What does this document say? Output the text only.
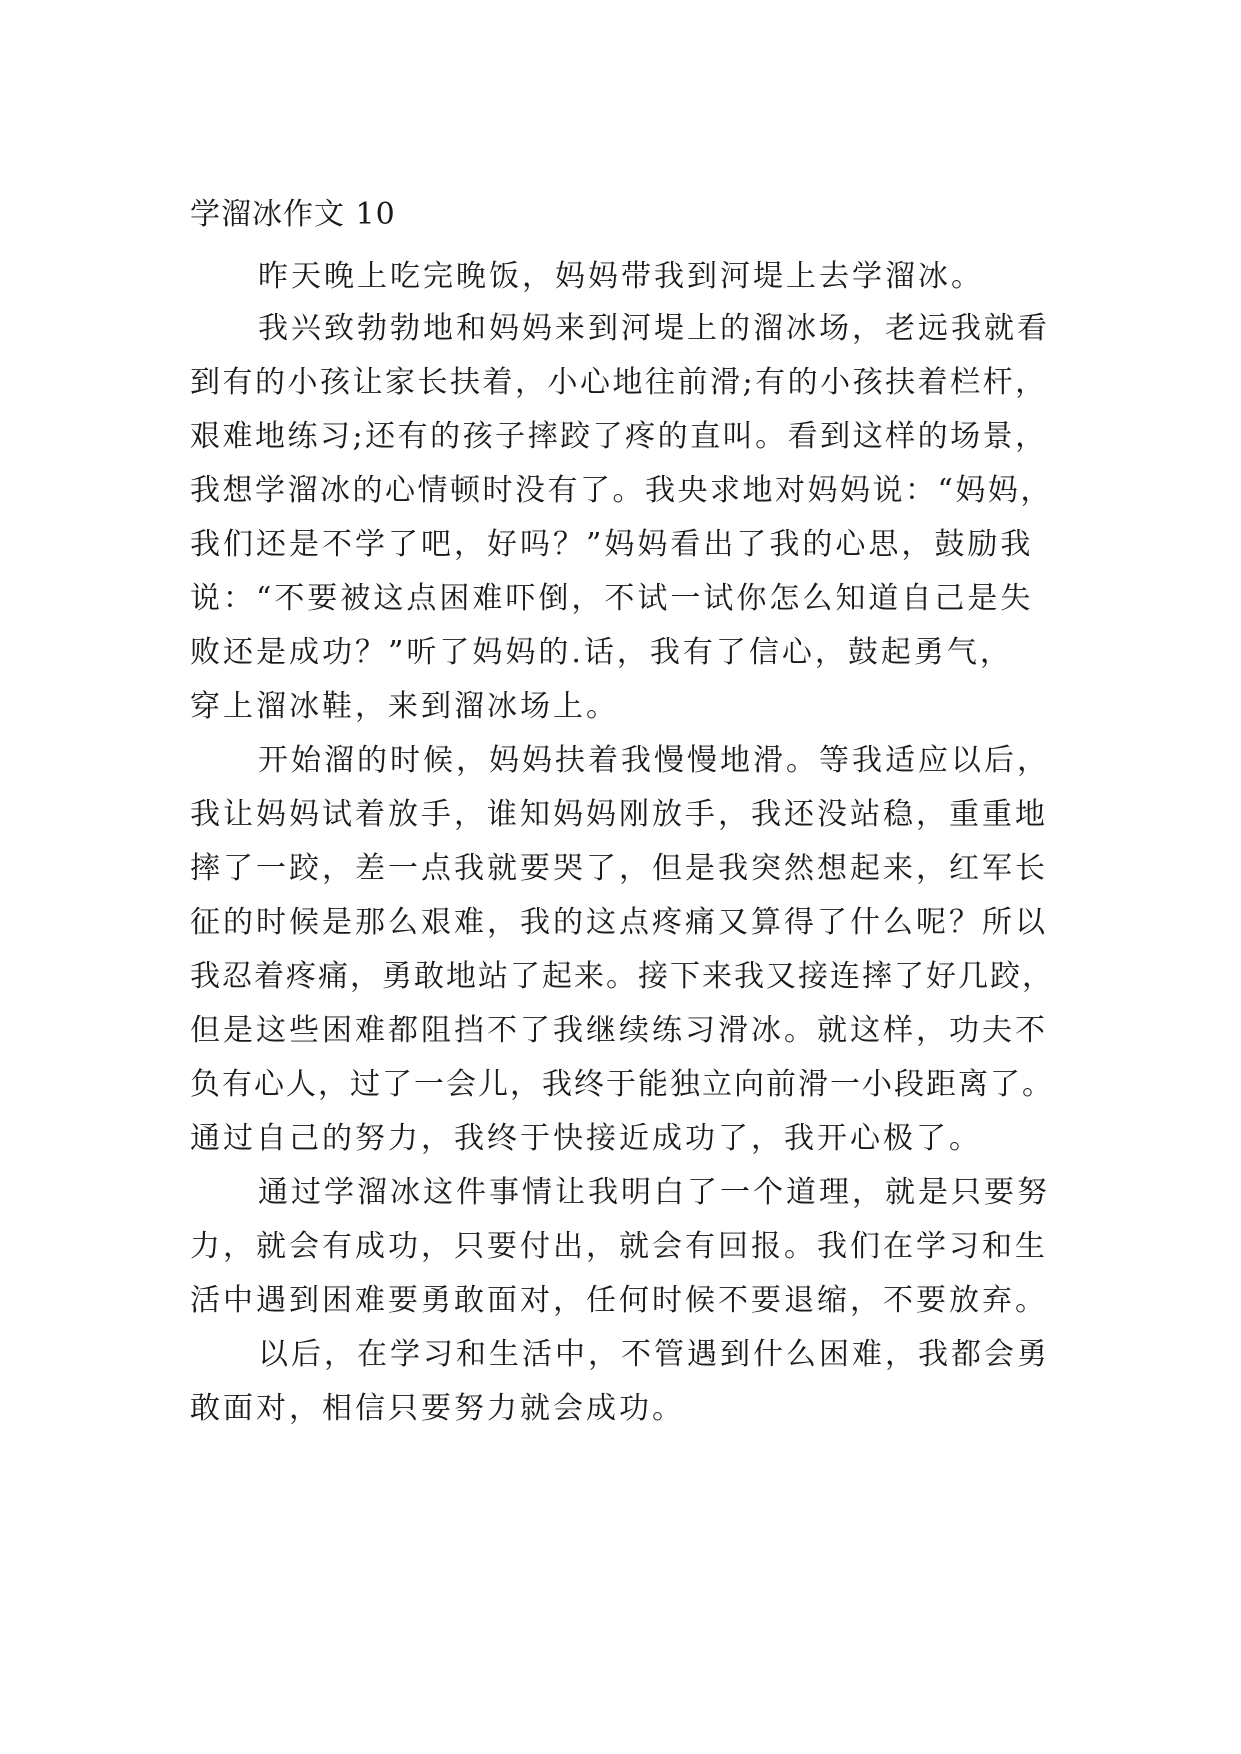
学溜冰作文 10
昨天晚上吃完晚饭，妈妈带我到河堤上去学溜冰。
我兴致勃勃地和妈妈来到河堤上的溜冰场，老远我就看
到有的小孩让家长扶着，小心地往前滑;有的小孩扶着栏杆，
艰难地练习;还有的孩子摔跤了疼的直叫。看到这样的场景，
我想学溜冰的心情顿时没有了。我央求地对妈妈说：“妈妈，
我们还是不学了吧，好吗？”妈妈看出了我的心思，鼓励我
说：“不要被这点困难吓倒，不试一试你怎么知道自己是失
败还是成功？”听了妈妈的.话，我有了信心，鼓起勇气，
穿上溜冰鞋，来到溜冰场上。
开始溜的时候，妈妈扶着我慢慢地滑。等我适应以后，
我让妈妈试着放手，谁知妈妈刚放手，我还没站稳，重重地
摔了一跤，差一点我就要哭了，但是我突然想起来，红军长
征的时候是那么艰难，我的这点疼痛又算得了什么呢？所以
我忍着疼痛，勇敢地站了起来。接下来我又接连摔了好几跤，
但是这些困难都阻挡不了我继续练习滑冰。就这样，功夫不
负有心人，过了一会儿，我终于能独立向前滑一小段距离了。
通过自己的努力，我终于快接近成功了，我开心极了。
通过学溜冰这件事情让我明白了一个道理，就是只要努
力，就会有成功，只要付出，就会有回报。我们在学习和生
活中遇到困难要勇敢面对，任何时候不要退缩，不要放弃。
以后，在学习和生活中，不管遇到什么困难，我都会勇
敢面对，相信只要努力就会成功。
